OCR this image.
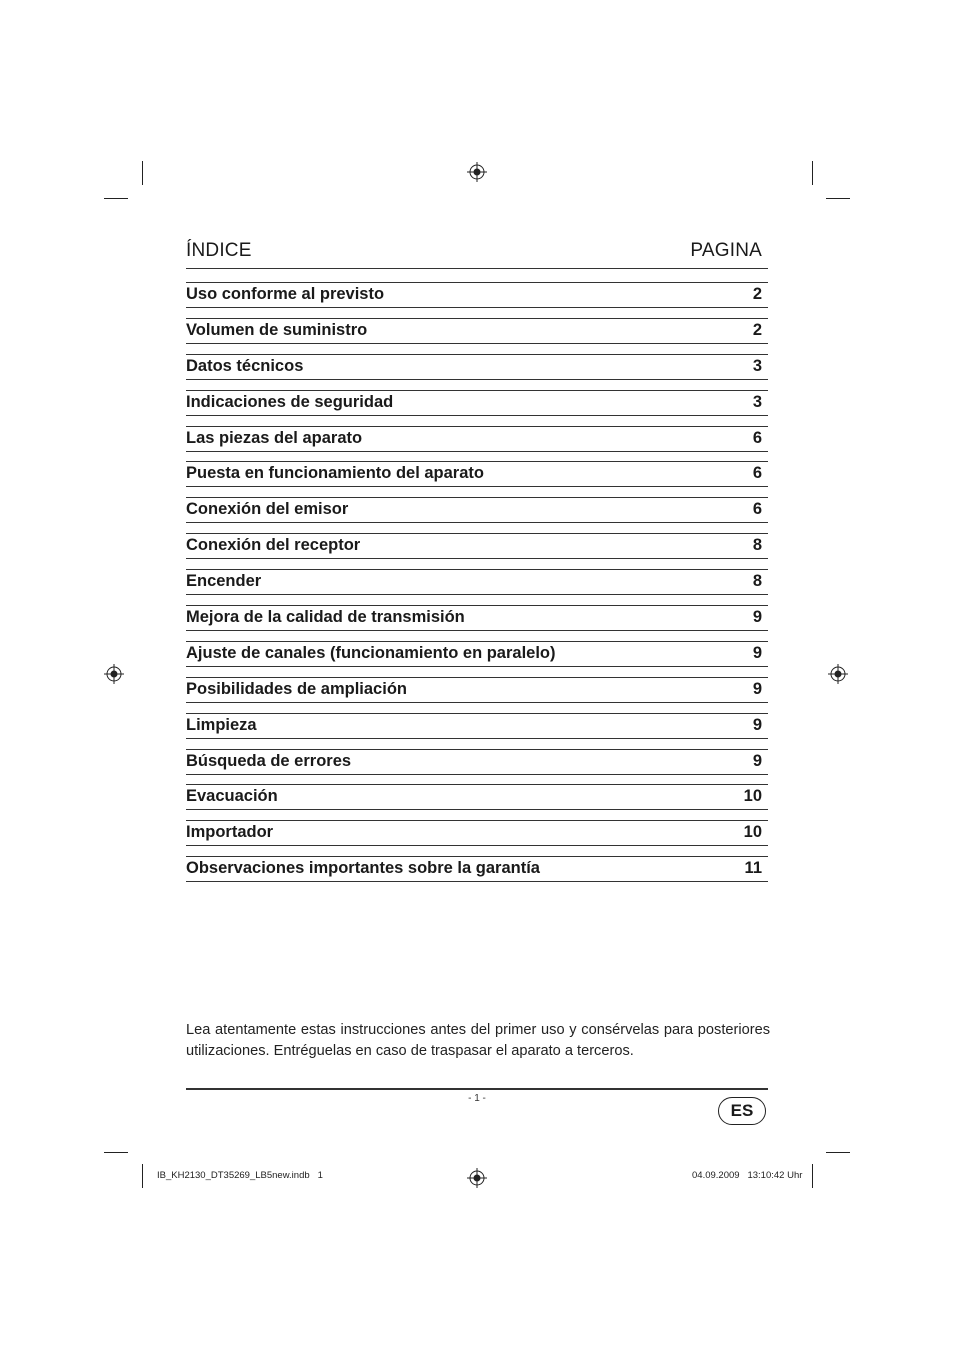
ÍNDICE	PAGINA
Uso conforme al previsto	2
Volumen de suministro	2
Datos técnicos	3
Indicaciones de seguridad	3
Las piezas del aparato	6
Puesta en funcionamiento del aparato	6
Conexión del emisor	6
Conexión del receptor	8
Encender	8
Mejora de la calidad de transmisión	9
Ajuste de canales (funcionamiento en paralelo)	9
Posibilidades de ampliación	9
Limpieza	9
Búsqueda de errores	9
Evacuación	10
Importador	10
Observaciones importantes sobre la garantía	11

Lea atentamente estas instrucciones antes del primer uso y consérvelas para posteriores utilizaciones. Entréguelas en caso de traspasar el aparato a terceros.

- 1 -
ES
IB_KH2130_DT35269_LB5new.indb   1	04.09.2009   13:10:42 Uhr
